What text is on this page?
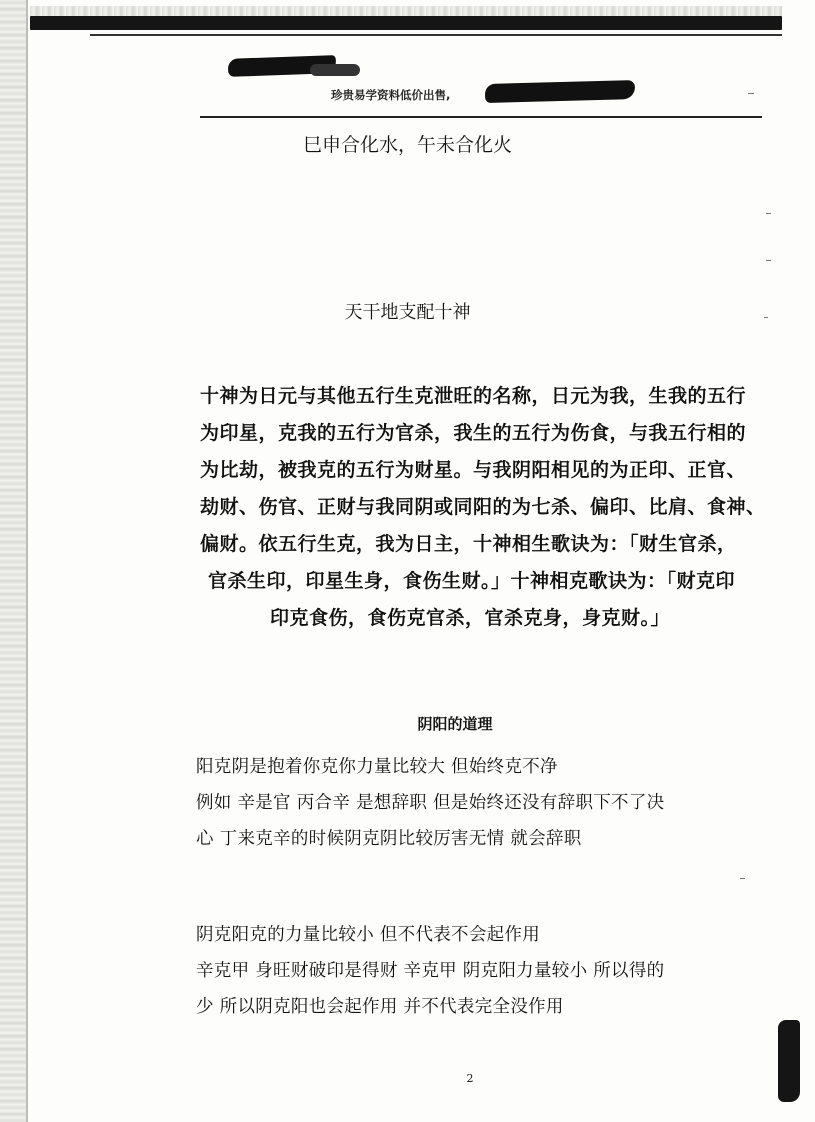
珍贵易学资料低价出售,
巳申合化水，午未合化火
天干地支配十神
十神为日元与其他五行生克泄旺的名称，日元为我，生我的五行
为印星，克我的五行为官杀，我生的五行为伤食，与我五行相的
为比劫，被我克的五行为财星。与我阴阳相见的为正印、正官、
劫财、伤官、正财与我同阴或同阳的为七杀、偏印、比肩、食神、
偏财。依五行生克，我为日主，十神相生歌诀为：「财生官杀，
官杀生印，印星生身，食伤生财。」十神相克歌诀为：「财克印
印克食伤，食伤克官杀，官杀克身，身克财。」
阴阳的道理
阳克阴是抱着你克你力量比较大 但始终克不净
例如 辛是官 丙合辛 是想辞职 但是始终还没有辞职下不了决
心 丁来克辛的时候阴克阴比较厉害无情 就会辞职
阴克阳克的力量比较小 但不代表不会起作用
辛克甲 身旺财破印是得财 辛克甲 阴克阳力量较小 所以得的
少 所以阴克阳也会起作用 并不代表完全没作用
2
